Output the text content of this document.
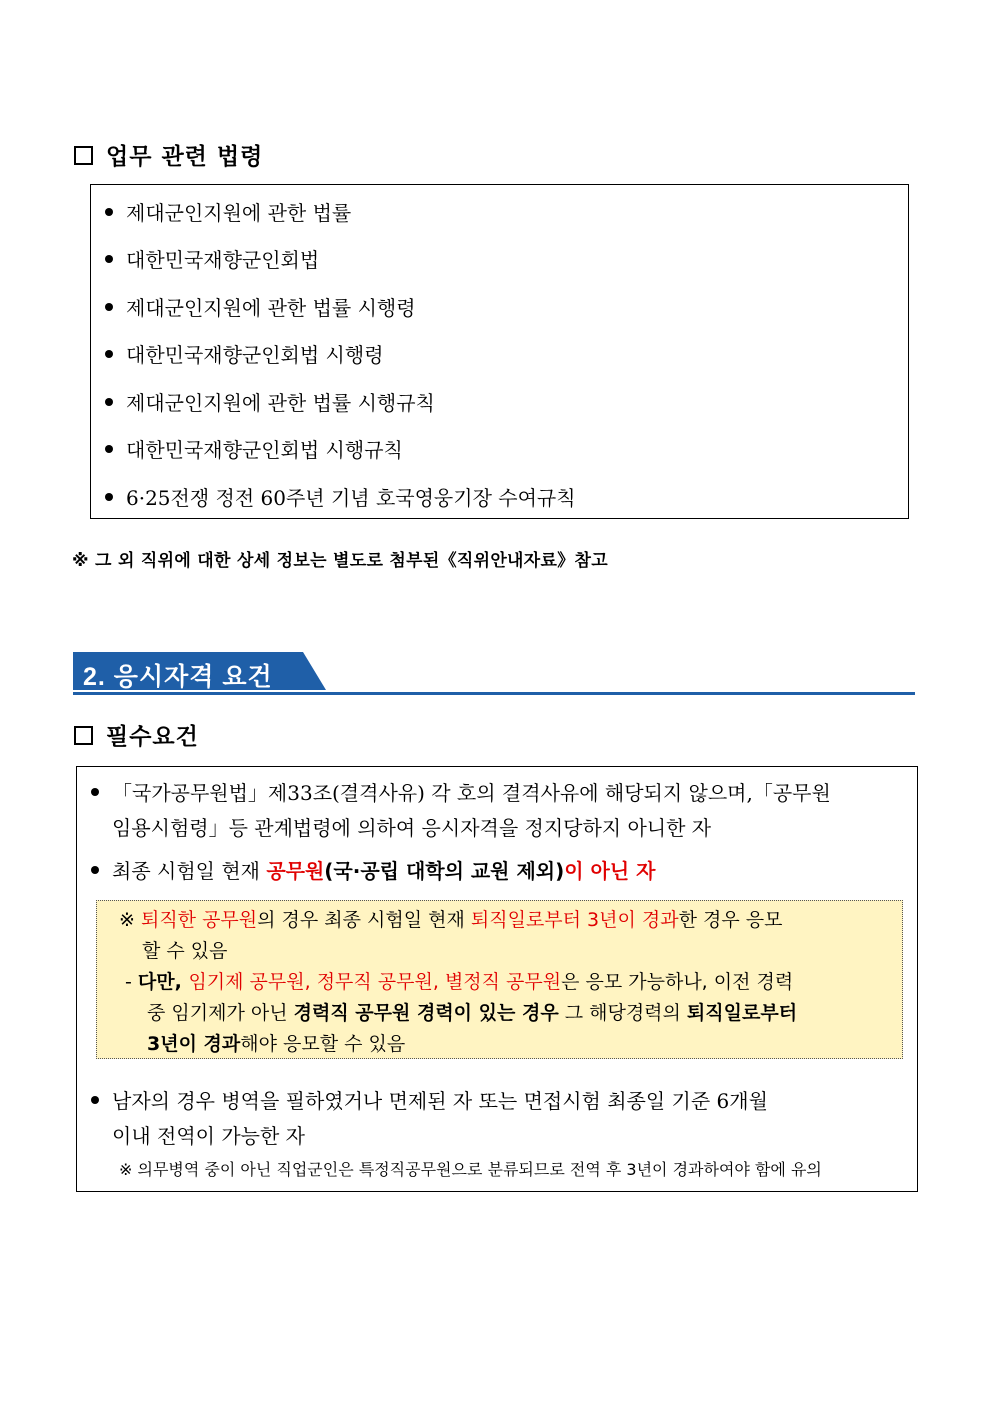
업무 관련 법령
제대군인지원에 관한 법률
대한민국재향군인회법
제대군인지원에 관한 법률 시행령
대한민국재향군인회법 시행령
제대군인지원에 관한 법률 시행규칙
대한민국재향군인회법 시행규칙
6·25전쟁 정전 60주년 기념 호국영웅기장 수여규칙
※ 그 외 직위에 대한 상세 정보는 별도로 첨부된《직위안내자료》참고
2. 응시자격 요건
필수요건
「국가공무원법」제33조(결격사유) 각 호의 결격사유에 해당되지 않으며,「공무원
임용시험령」등 관계법령에 의하여 응시자격을 정지당하지 아니한 자
최종 시험일 현재 공무원(국·공립 대학의 교원 제외)이 아닌 자
※ 퇴직한 공무원의 경우 최종 시험일 현재 퇴직일로부터 3년이 경과한 경우 응모
할 수 있음
- 다만, 임기제 공무원, 정무직 공무원, 별정직 공무원은 응모 가능하나, 이전 경력
중 임기제가 아닌 경력직 공무원 경력이 있는 경우 그 해당경력의 퇴직일로부터
3년이 경과해야 응모할 수 있음
남자의 경우 병역을 필하였거나 면제된 자 또는 면접시험 최종일 기준 6개월
이내 전역이 가능한 자
※ 의무병역 중이 아닌 직업군인은 특정직공무원으로 분류되므로 전역 후 3년이 경과하여야 함에 유의
